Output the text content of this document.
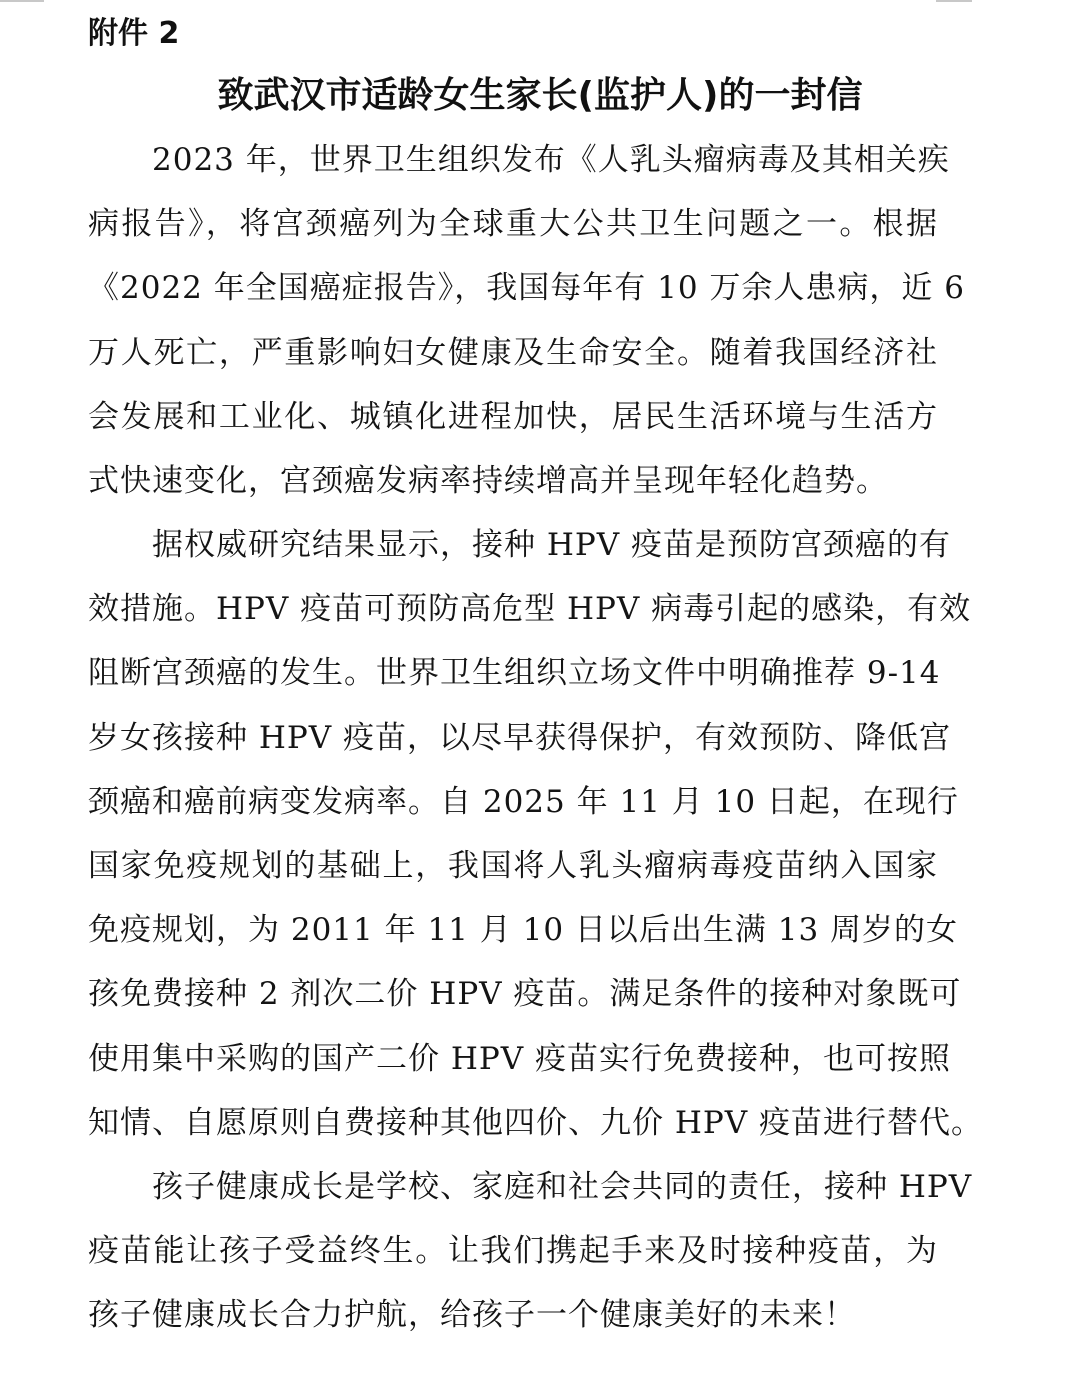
附件 2
致武汉市适龄女生家长(监护人)的一封信
　　2023 年，世界卫生组织发布《人乳头瘤病毒及其相关疾
病报告》，将宫颈癌列为全球重大公共卫生问题之一。根据
《2022 年全国癌症报告》，我国每年有 10 万余人患病，近 6
万人死亡，严重影响妇女健康及生命安全。随着我国经济社
会发展和工业化、城镇化进程加快，居民生活环境与生活方
式快速变化，宫颈癌发病率持续增高并呈现年轻化趋势。
　　据权威研究结果显示，接种 HPV 疫苗是预防宫颈癌的有
效措施。HPV 疫苗可预防高危型 HPV 病毒引起的感染，有效
阻断宫颈癌的发生。世界卫生组织立场文件中明确推荐 9-14
岁女孩接种 HPV 疫苗，以尽早获得保护，有效预防、降低宫
颈癌和癌前病变发病率。自 2025 年 11 月 10 日起，在现行
国家免疫规划的基础上，我国将人乳头瘤病毒疫苗纳入国家
免疫规划，为 2011 年 11 月 10 日以后出生满 13 周岁的女
孩免费接种 2 剂次二价 HPV 疫苗。满足条件的接种对象既可
使用集中采购的国产二价 HPV 疫苗实行免费接种，也可按照
知情、自愿原则自费接种其他四价、九价 HPV 疫苗进行替代。
　　孩子健康成长是学校、家庭和社会共同的责任，接种 HPV
疫苗能让孩子受益终生。让我们携起手来及时接种疫苗，为
孩子健康成长合力护航，给孩子一个健康美好的未来！
